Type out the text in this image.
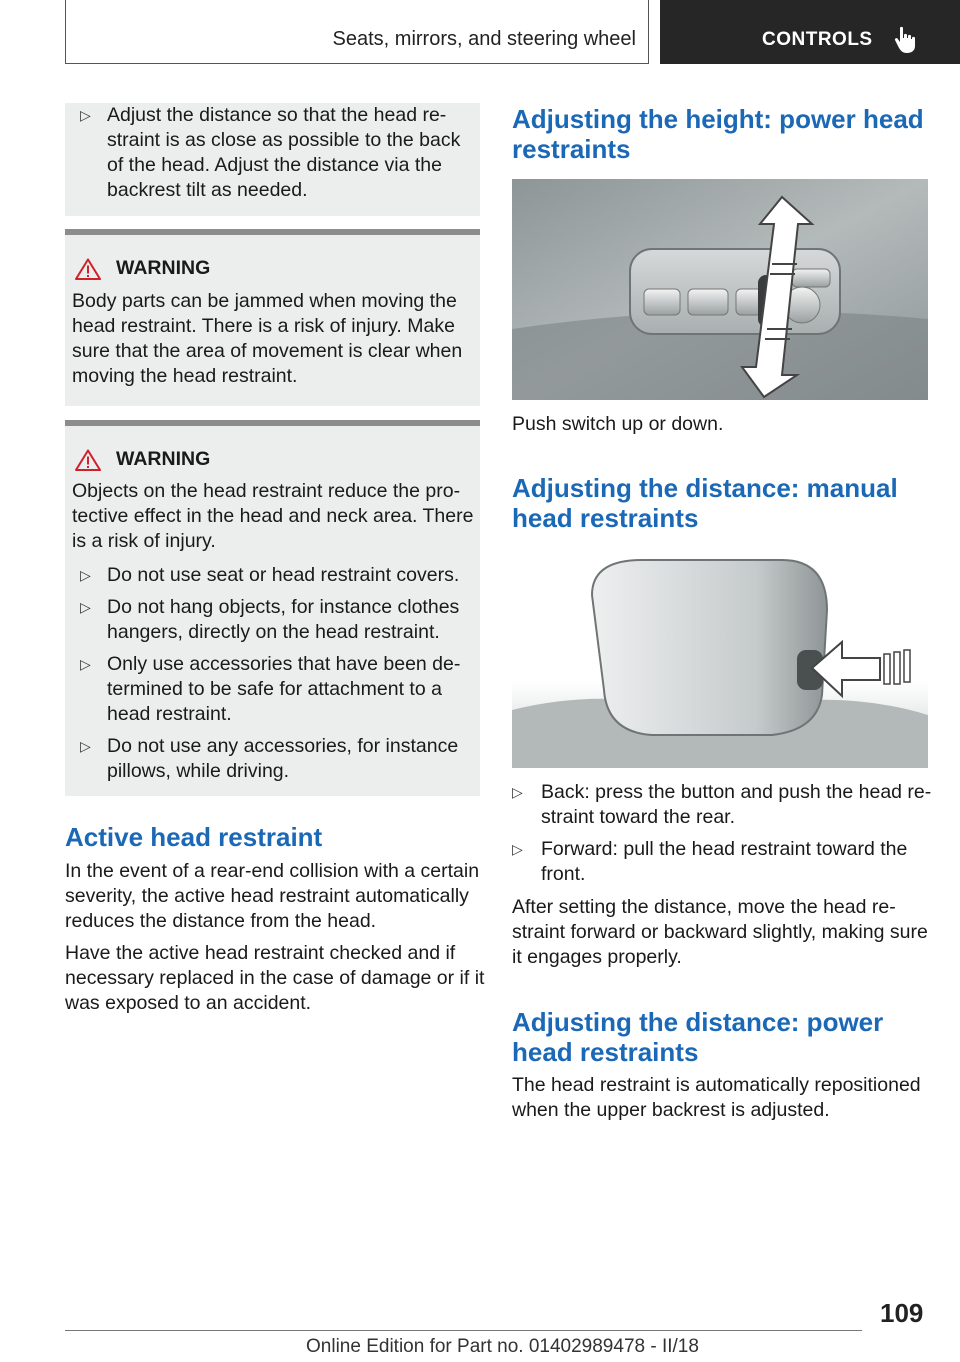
Seats, mirrors, and steering wheel	CONTROLS
▷ Adjust the distance so that the head re-
straint is as close as possible to the back
of the head. Adjust the distance via the
backrest tilt as needed.
WARNING
Body parts can be jammed when moving the
head restraint. There is a risk of injury. Make
sure that the area of movement is clear when
moving the head restraint.
WARNING
Objects on the head restraint reduce the pro-
tective effect in the head and neck area. There
is a risk of injury.
▷ Do not use seat or head restraint covers.
▷ Do not hang objects, for instance clothes
hangers, directly on the head restraint.
▷ Only use accessories that have been de-
termined to be safe for attachment to a
head restraint.
▷ Do not use any accessories, for instance
pillows, while driving.
Active head restraint
In the event of a rear-end collision with a certain
severity, the active head restraint automatically
reduces the distance from the head.
Have the active head restraint checked and if
necessary replaced in the case of damage or if it
was exposed to an accident.
Adjusting the height: power head
restraints
Push switch up or down.
Adjusting the distance: manual
head restraints
▷ Back: press the button and push the head re-
straint toward the rear.
▷ Forward: pull the head restraint toward the
front.
After setting the distance, move the head re-
straint forward or backward slightly, making sure
it engages properly.
Adjusting the distance: power
head restraints
The head restraint is automatically repositioned
when the upper backrest is adjusted.
109
Online Edition for Part no. 01402989478 - II/18
